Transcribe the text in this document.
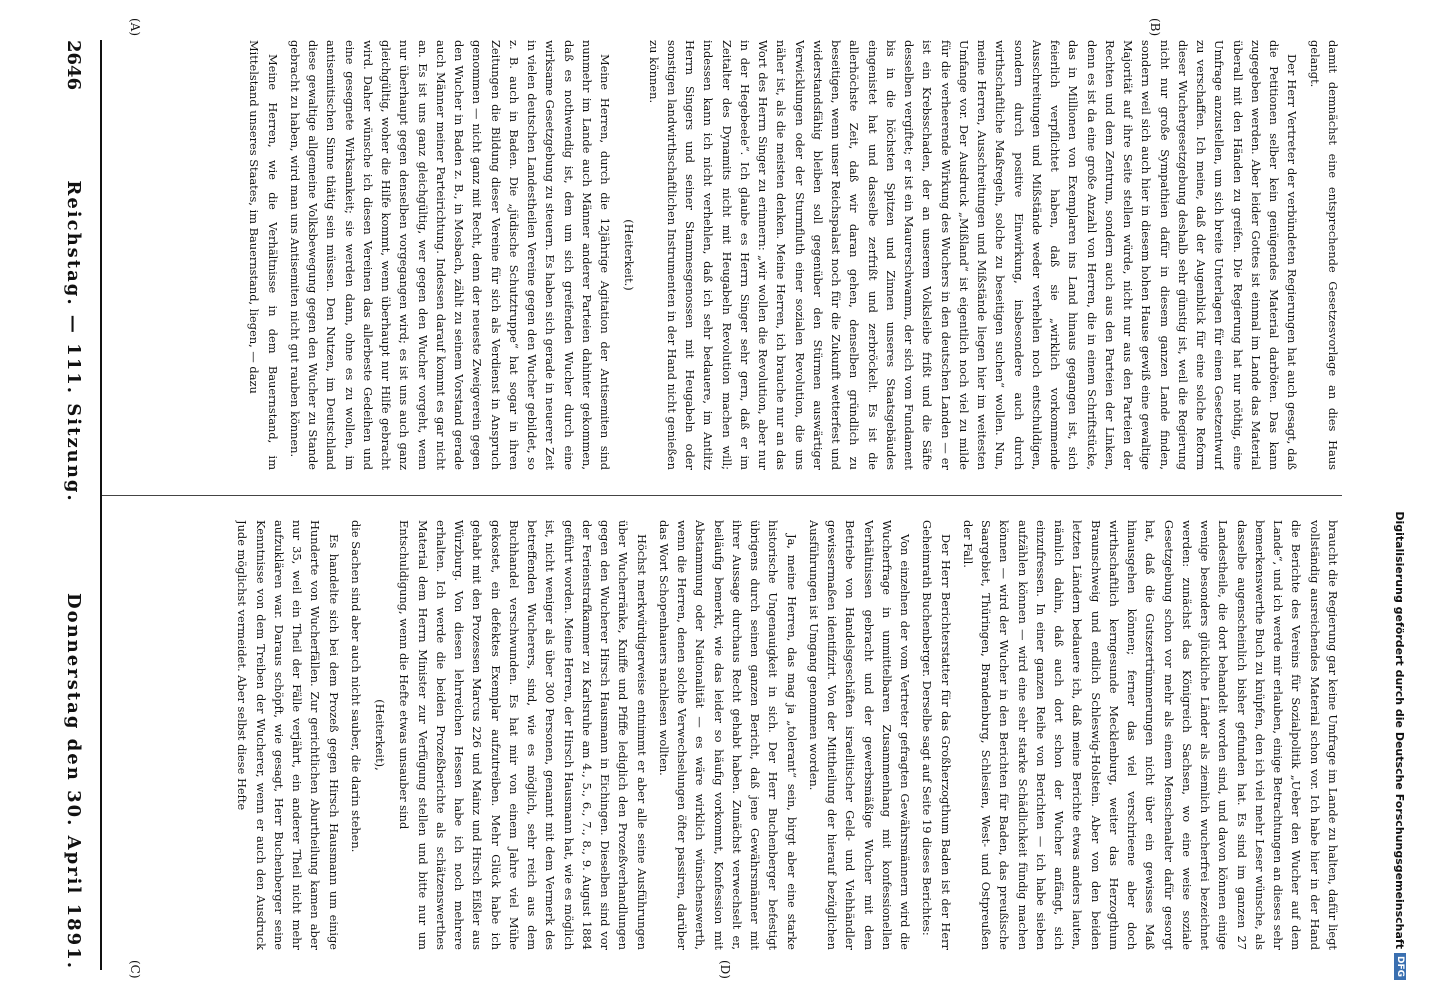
2646
Reichstag. — 111. Sitzung.
Donnerstag den 30. April 1891.
(A)	(B)
(C)	(D)

damit demnächst eine entsprechende Gesetzesvorlage an dies Haus gelangt.

Der Herr Vertreter der verbündeten Regierungen hat auch gesagt, daß die Petitionen selber kein genügendes Material darböten. Das kann zugegeben werden. Aber leider Gottes ist einmal im Lande das Material überall mit den Händen zu greifen. Die Regierung hat nur nöthig, eine Umfrage anzustellen, um sich breite Unterlagen für einen Gesetzentwurf zu verschaffen. Ich meine, daß der Augenblick für eine solche Reform dieser Wuchergesetzgebung deshalb sehr günstig ist, weil die Regierung nicht nur große Sympathien dafür in diesem ganzen Lande finden, sondern weil sich auch hier in diesem hohen Hause gewiß eine gewaltige Majorität auf ihre Seite stellen würde, nicht nur aus den Parteien der Rechten und dem Zentrum, sondern auch aus den Parteien der Linken, denn es ist da eine große Anzahl von Herren, die in einem Schriftstücke, das in Millionen von Exemplaren ins Land hinaus gegangen ist, sich feierlich verpflichtet haben, daß sie „wirklich vorkommende Ausschreitungen und Mißstände weder verhehlen noch entschuldigen, sondern durch positive Einwirkung, insbesondere auch durch wirthschaftliche Maßregeln, solche zu beseitigen suchen“ wollen. Nun, meine Herren, Ausschreitungen und Mißstände liegen hier im weitesten Umfange vor. Der Ausdruck „Mißland“ ist eigentlich noch viel zu milde für die verheerende Wirkung des Wuchers in den deutschen Landen — er ist ein Krebsschaden, der an unserem Volksleibe frißt und die Säfte desselben vergiftet; er ist ein Maurerschwamm, der sich vom Fundament bis in die höchsten Spitzen und Zinnen unseres Staatsgebäudes eingenistet hat und dasselbe zerfrißt und zerbröckelt. Es ist die allerhöchste Zeit, daß wir daran gehen, denselben gründlich zu beseitigen, wenn unser Reichspalast noch für die Zukunft wetterfest und widerstandsfähig bleiben soll gegenüber den Stürmen auswärtiger Verwicklungen oder der Sturmfluth einer sozialen Revolution, die uns näher ist, als die meisten denken. Meine Herren, ich brauche nur an das Wort des Herrn Singer zu erinnern: „wir wollen die Revolution, aber nur in der Hegebeele“. Ich glaube es Herrn Singer sehr gern, daß er im Zeitalter des Dynamits nicht mit Heugabeln Revolution machen will; indessen kann ich nicht verhehlen, daß ich sehr bedauere, im Antlitz Herrn Singers und seiner Stammesgenossen mit Heugabeln oder sonstigen landwirthschaftlichen Instrumenten in der Hand nicht genießen zu können.

(Heiterkeit.)

Meine Herren, durch die 12jährige Agitation der Antisemiten sind nunmehr im Lande auch Männer anderer Parteien dahinter gekommen, daß es nothwendig ist, dem um sich greifenden Wucher durch eine wirksame Gesetzgebung zu steuern. Es haben sich gerade in neuerer Zeit in vielen deutschen Landestheilen Vereine gegen den Wucher gebildet, so z. B. auch in Baden. Die „jüdische Schutztruppe“ hat sogar in ihren Zeitungen die Bildung dieser Vereine für sich als Verdienst in Anspruch genommen — nicht ganz mit Recht, denn der neueste Zweigverein gegen den Wucher in Baden z. B., in Mosbach, zählt zu seinem Vorstand gerade auch Männer meiner Parteirichtung. Indessen darauf kommt es gar nicht an. Es ist uns ganz gleichgültig, wer gegen den Wucher vorgeht, wenn nur überhaupt gegen denselben vorgegangen wird; es ist uns auch ganz gleichgültig, woher die Hilfe kommt, wenn überhaupt nur Hilfe gebracht wird. Daher wünsche ich diesen Vereinen das allerbeste Gedeihen und eine gesegnete Wirksamkeit; sie werden dann, ohne es zu wollen, im antisemitischen Sinne thätig sein müssen. Den Nutzen, im Deutschland diese gewaltige allgemeine Volksbewegung gegen den Wucher zu Stande gebracht zu haben, wird man uns Antisemiten nicht gut rauben können.

Meine Herren, wie die Verhältnisse in dem Bauernstand, im Mittelstand unseres Staates, im Bauernstand, liegen, — dazu

braucht die Regierung gar keine Umfrage im Lande zu halten, dafür liegt vollständig ausreichendes Material schon vor. Ich habe hier in der Hand die Berichte des Vereins für Sozialpolitik „Ueber den Wucher auf dem Lande“, und ich werde mir erlauben, einige Betrachtungen an dieses sehr bemerkenswerthe Buch zu knüpfen, den ich viel mehr Leser wünsche, als dasselbe augenscheinlich bisher gefunden hat. Es sind im ganzen 27 Landestheile, die dort behandelt worden sind, und davon können einige wenige besonders glückliche Länder als ziemlich wucherfrei bezeichnet werden: zunächst das Königreich Sachsen, wo eine weise soziale Gesetzgebung schon vor mehr als einem Menschenalter dafür gesorgt hat, daß die Gutszertrümmerungen nicht über ein gewisses Maß hinausgehen können; ferner das viel verschrieene aber doch wirthschaftlich kerngesunde Mecklenburg, weiter das Herzogthum Braunschweig und endlich Schleswig-Holstein. Aber von den beiden letzten Ländern bedauere ich, daß meine Berichte etwas anders lauten, nämlich dahin, daß auch dort schon der Wucher anfängt, sich einzufressen. In einer ganzen Reihe von Berichten — ich habe sieben aufzählen können — wird eine sehr starke Schädlichkeit fündig machen können — wird der Wucher in den Berichten für Baden, das preußische Saargebiet, Thüringen, Brandenburg, Schlesien, West- und Ostpreußen der Fall.

Der Herr Berichterstatter für das Großherzogthum Baden ist der Herr Geheimrath Buchenberger. Derselbe sagt auf Seite 19 dieses Berichtes:

Von einzelnen der vom Vertreter gefragten Gewährsmännern wird die Wucherfrage in unmittelbaren Zusammenhang mit konfessionellen Verhältnissen gebracht und der gewerbsmäßige Wucher mit dem Betriebe von Handelsgeschäften israelitischer Geld- und Viehhändler gewissermaßen identifizirt. Von der Mittheilung der hierauf bezüglichen Ausführungen ist Umgang genommen worden.

Ja, meine Herren, das mag ja „tolerant“ sein, birgt aber eine starke historische Ungenauigkeit in sich. Der Herr Buchenberger befestigt übrigens durch seinen ganzen Bericht, daß jene Gewährsmänner mit ihrer Aussage durchaus Recht gehabt haben. Zunächst verwechselt er, beiläufig bemerkt, wie das leider so häufig vorkommt, Konfession mit Abstammung oder Nationalität — es wäre wirklich wünschenswerth, wenn die Herren, denen solche Verwechselungen öfter passiren, darüber das Wort Schopenhauers nachlesen wollten.

Höchst merkwürdigerweise entnimmt er aber alle seine Ausführungen über Wucherränke, Kniffe und Pfiffe lediglich den Prozeßverhandlungen gegen den Wucherer Hirsch Hausmann in Eichingen. Dieselben sind vor der Ferienstrafkammer zu Karlsruhe am 4., 5., 6., 7., 8., 9. August 1884 geführt worden. Meine Herren, der Hirsch Hausmann hat, wie es möglich ist, nicht weniger als über 300 Personen, genannt mit dem Vermerk des betreffenden Wucherers, sind, wie es möglich, sehr reich aus dem Buchhandel verschwunden. Es hat mir von einem Jahre viel Mühe gekostet, ein defektes Exemplar aufzutreiben. Mehr Glück habe ich gehabt mit den Prozessen Marcus 226 und Mainz und Hirsch Eißler aus Würzburg. Von diesen lehrreichen Hessen habe ich noch mehrere erhalten. Ich werde die beiden Prozeßberichte als schätzenswerthes Material dem Herrn Minister zur Verfügung stellen und bitte nur um Entschuldigung, wenn die Hefte etwas unsauber sind

(Heiterkeit),

die Sachen sind aber auch nicht sauber, die darin stehen.

Es handelte sich bei dem Prozeß gegen Hirsch Hausmann um einige Hunderte von Wucherfällen. Zur gerichtlichen Aburtheilung kamen aber nur 35, weil ein Theil der Fälle verjährt, ein anderer Theil nicht mehr aufzuklären war. Daraus schöpft, wie gesagt, Herr Buchenberger seine Kenntnisse von dem Treiben der Wucherer, wenn er auch den Ausdruck Jude möglichst vermeidet. Aber selbst diese Hefte	Digitalisierung gefördert durch die Deutsche Forschungsgemeinschaft
DFG
